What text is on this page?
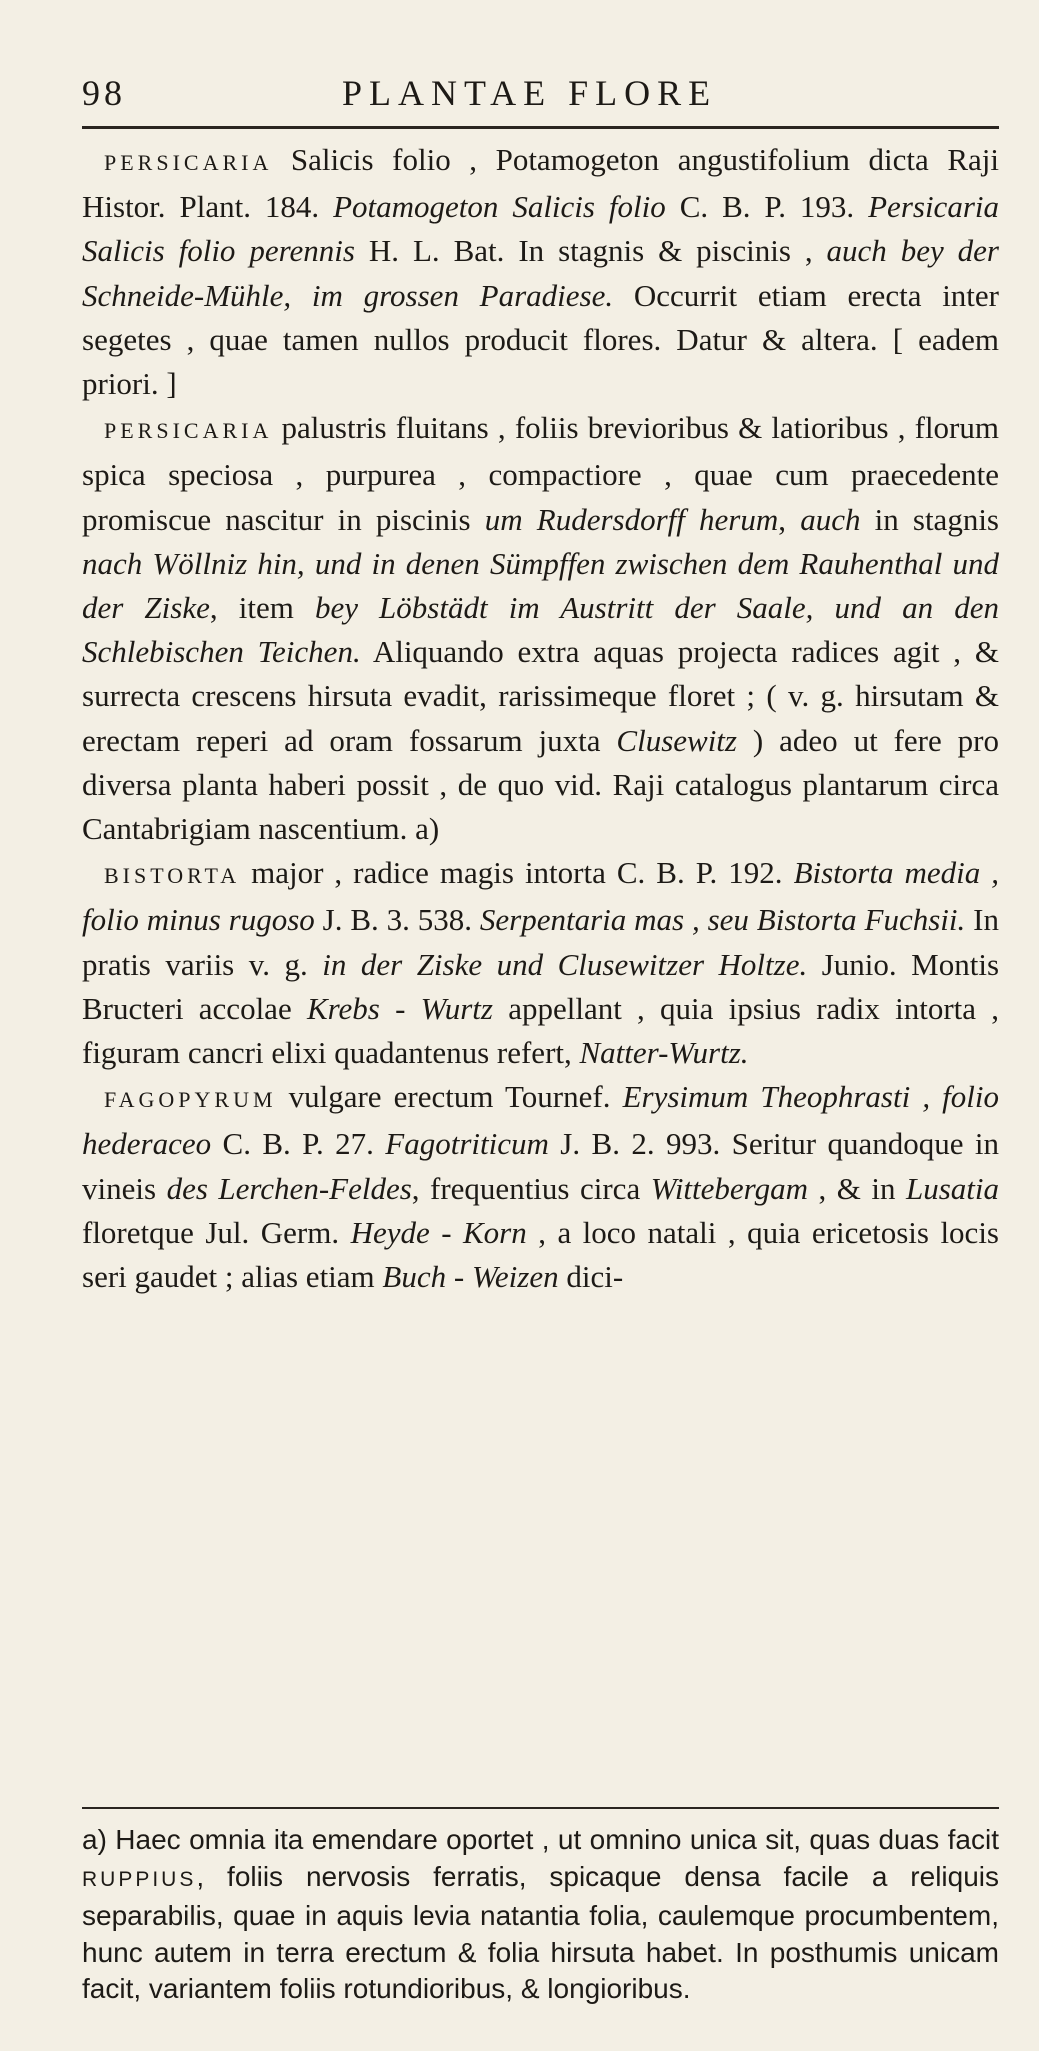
98	PLANTAE FLORE

PERSICARIA Salicis folio , Potamogeton angustifolium dicta Raji Histor. Plant. 184. Potamogeton Salicis folio C. B. P. 193. Persicaria Salicis folio perennis H. L. Bat. In stagnis & piscinis , auch bey der Schneide-Mühle, im grossen Paradiese. Occurrit etiam erecta inter segetes , quae tamen nullos producit flores. Datur & altera. [ eadem priori. ]

PERSICARIA palustris fluitans , foliis brevioribus & latioribus , florum spica speciosa , purpurea , compactiore , quae cum praecedente promiscue nascitur in piscinis um Rudersdorff herum, auch in stagnis nach Wöllniz hin, und in denen Sümpffen zwischen dem Rauhenthal und der Ziske, item bey Löbstädt im Austritt der Saale, und an den Schlebischen Teichen. Aliquando extra aquas projecta radices agit , & surrecta crescens hirsuta evadit, rarissimeque floret ; ( v. g. hirsutam & erectam reperi ad oram fossarum juxta Clusewitz ) adeo ut fere pro diversa planta haberi possit , de quo vid. Raji catalogus plantarum circa Cantabrigiam nascentium. a)

BISTORTA major , radice magis intorta C. B. P. 192. Bistorta media , folio minus rugoso J. B. 3. 538. Serpentaria mas , seu Bistorta Fuchsii. In pratis variis v. g. in der Ziske und Clusewitzer Holtze. Junio. Montis Bructeri accolae Krebs - Wurtz appellant , quia ipsius radix intorta , figuram cancri elixi quadantenus refert, Natter-Wurtz.

FAGOPYRUM vulgare erectum Tournef. Erysimum Theophrasti , folio hederaceo C. B. P. 27. Fagotriticum J. B. 2. 993. Seritur quandoque in vineis des Lerchen-Feldes, frequentius circa Wittebergam , & in Lusatia floretque Jul. Germ. Heyde - Korn , a loco natali , quia ericetosis locis seri gaudet ; alias etiam Buch - Weizen dici-

a) Haec omnia ita emendare oportet , ut omnino unica sit, quas duas facit RUPPIUS, foliis nervosis ferratis, spicaque densa facile a reliquis separabilis, quae in aquis levia natantia folia, caulemque procumbentem, hunc autem in terra erectum & folia hirsuta habet. In posthumis unicam facit, variantem foliis rotundioribus, & longioribus.
